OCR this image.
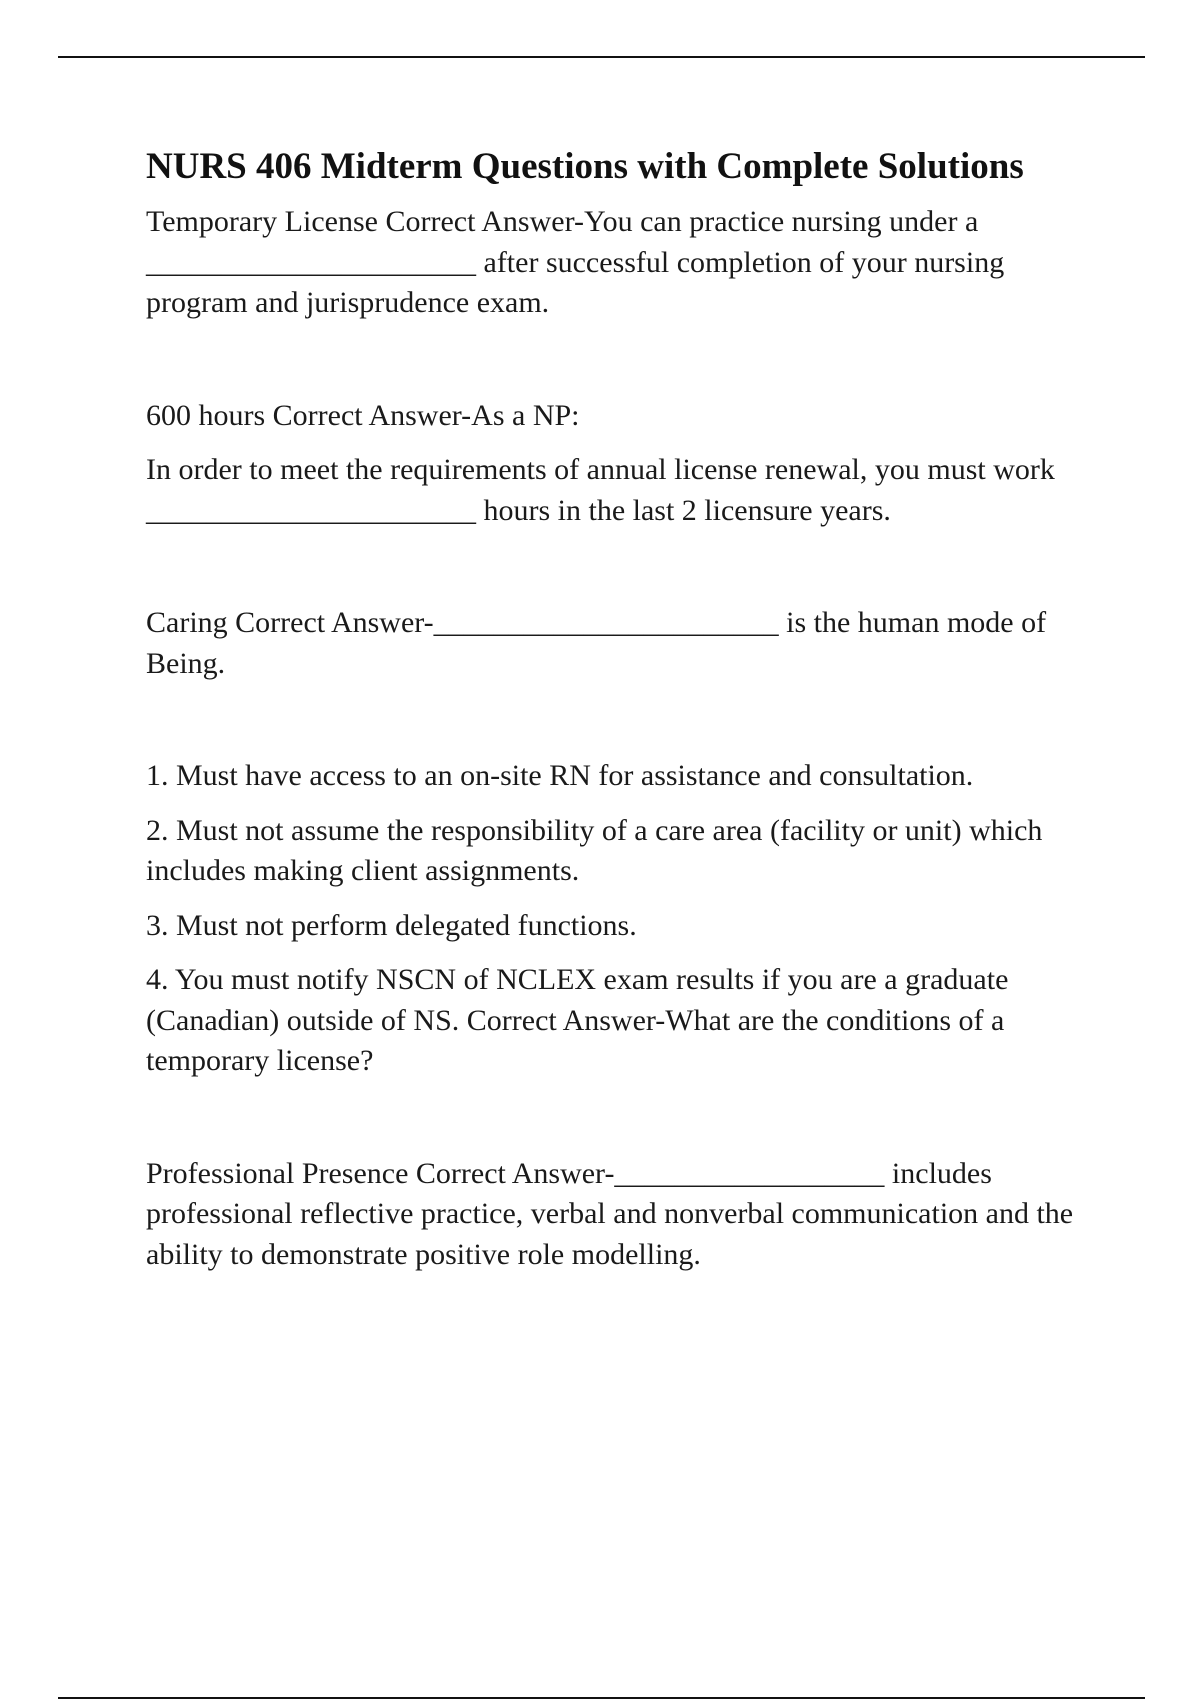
NURS 406 Midterm Questions with Complete Solutions

Temporary License Correct Answer-You can practice nursing under a ______________________ after successful completion of your nursing program and jurisprudence exam.

600 hours Correct Answer-As a NP:

In order to meet the requirements of annual license renewal, you must work ______________________ hours in the last 2 licensure years.

Caring Correct Answer-_______________________ is the human mode of Being.

1. Must have access to an on-site RN for assistance and consultation.

2. Must not assume the responsibility of a care area (facility or unit) which includes making client assignments.

3. Must not perform delegated functions.

4. You must notify NSCN of NCLEX exam results if you are a graduate (Canadian) outside of NS. Correct Answer-What are the conditions of a temporary license?

Professional Presence Correct Answer-__________________ includes professional reflective practice, verbal and nonverbal communication and the ability to demonstrate positive role modelling.
